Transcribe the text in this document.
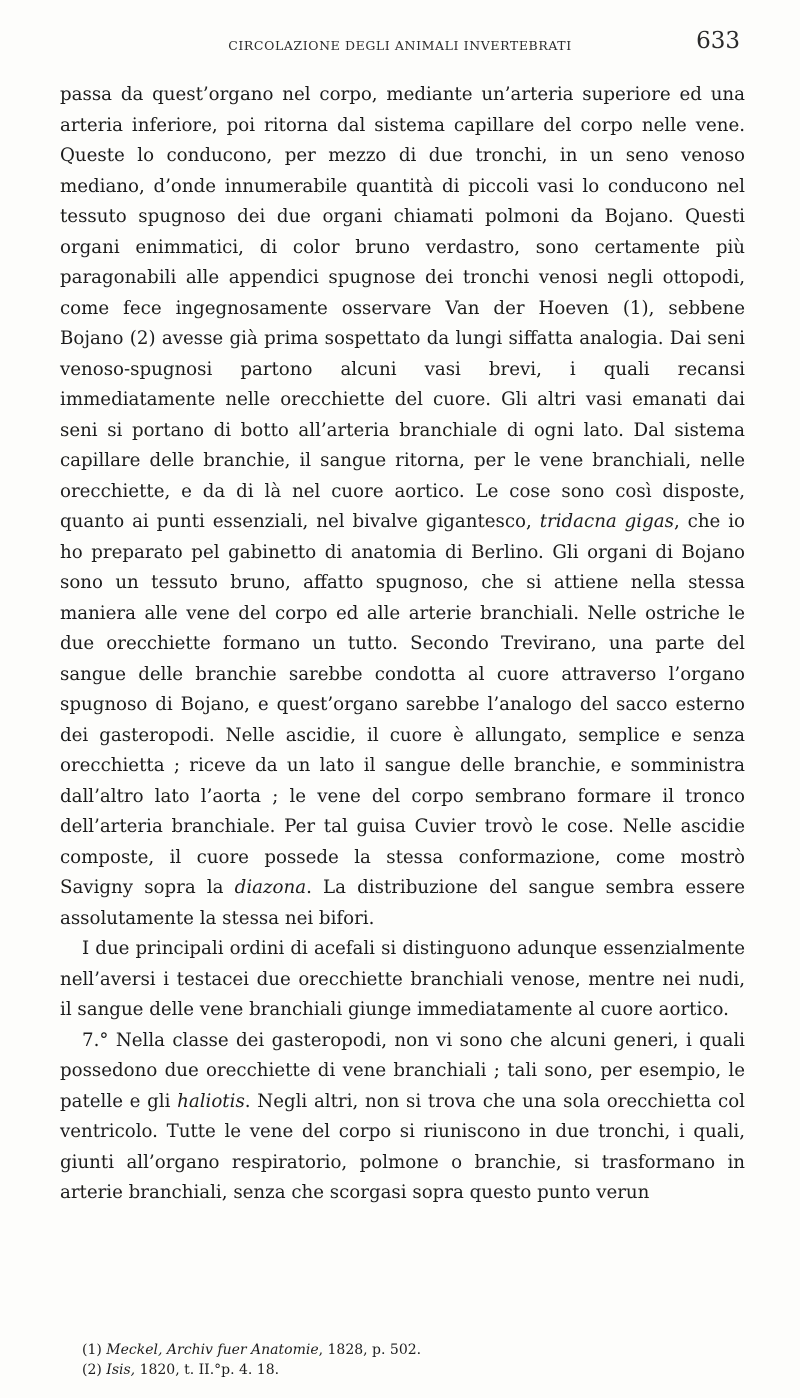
CIRCOLAZIONE DEGLI ANIMALI INVERTEBRATI	633

passa da quest’organo nel corpo, mediante un’arteria superiore ed una arteria inferiore, poi ritorna dal sistema capillare del corpo nelle vene. Queste lo conducono, per mezzo di due tronchi, in un seno venoso mediano, d’onde innumerabile quantità di piccoli vasi lo conducono nel tessuto spugnoso dei due organi chiamati polmoni da Bojano. Questi organi enimmatici, di color bruno verdastro, sono certamente più paragonabili alle appendici spugnose dei tronchi venosi negli ottopodi, come fece ingegnosamente osservare Van der Hoeven (1), sebbene Bojano (2) avesse già prima sospettato da lungi siffatta analogia. Dai seni venoso-spugnosi partono alcuni vasi brevi, i quali recansi immediatamente nelle orecchiette del cuore. Gli altri vasi emanati dai seni si portano di botto all’arteria branchiale di ogni lato. Dal sistema capillare delle branchie, il sangue ritorna, per le vene branchiali, nelle orecchiette, e da di là nel cuore aortico. Le cose sono così disposte, quanto ai punti essenziali, nel bivalve gigantesco, tridacna gigas, che io ho preparato pel gabinetto di anatomia di Berlino. Gli organi di Bojano sono un tessuto bruno, affatto spugnoso, che si attiene nella stessa maniera alle vene del corpo ed alle arterie branchiali. Nelle ostriche le due orecchiette formano un tutto. Secondo Treviranо, una parte del sangue delle branchie sarebbe condotta al cuore attraverso l’organo spugnoso di Bojano, e quest’organo sarebbe l’analogo del sacco esterno dei gasteropodi. Nelle ascidie, il cuore è allungato, semplice e senza orecchietta ; riceve da un lato il sangue delle branchie, e somministra dall’altro lato l’aorta ; le vene del corpo sembrano formare il tronco dell’arteria branchiale. Per tal guisa Cuvier trovò le cose. Nelle ascidie composte, il cuore possede la stessa conformazione, come mostrò Savigny sopra la diazona. La distribuzione del sangue sembra essere assolutamente la stessa nei bifori.

I due principali ordini di acefali si distinguono adunque essenzialmente nell’aversi i testacei due orecchiette branchiali venose, mentre nei nudi, il sangue delle vene branchiali giunge immediatamente al cuore aortico.

7.° Nella classe dei gasteropodi, non vi sono che alcuni generi, i quali possedono due orecchiette di vene branchiali ; tali sono, per esempio, le patelle e gli haliotis. Negli altri, non si trova che una sola orecchietta col ventricolo. Tutte le vene del corpo si riuniscono in due tronchi, i quali, giunti all’organo respiratorio, polmone o branchie, si trasformano in arterie branchiali, senza che scorgasi sopra questo punto verun

(1) Meckel, Archiv fuer Anatomie, 1828, p. 502.
(2) Isis, 1820, t. II.°p. 4. 18.
